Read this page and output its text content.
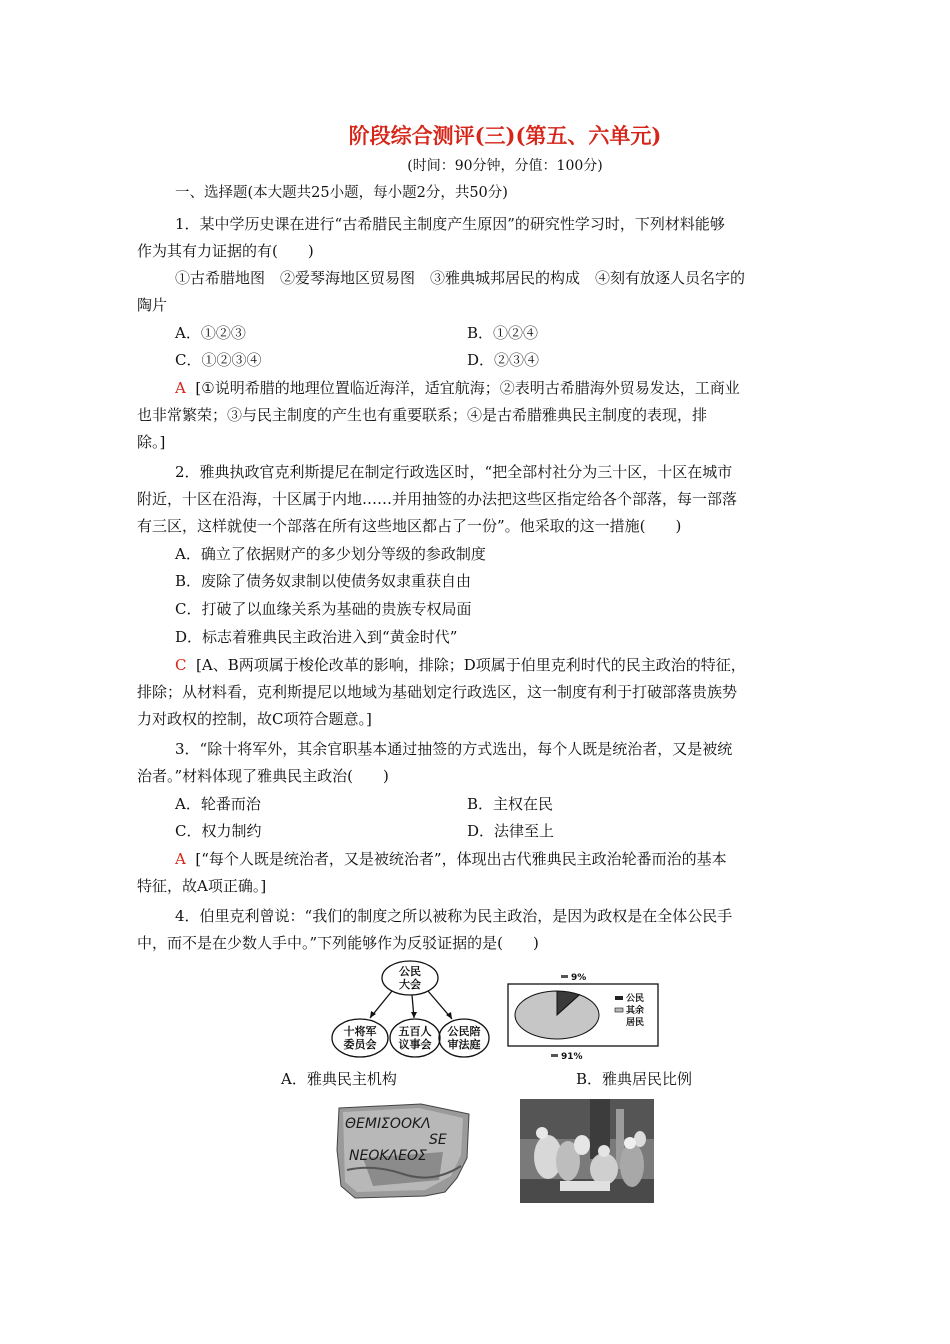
阶段综合测评(三)(第五、六单元)
(时间：90分钟，分值：100分)
一、选择题(本大题共25小题，每小题2分，共50分)
1．某中学历史课在进行“古希腊民主制度产生原因”的研究性学习时，下列材料能够
作为其有力证据的有(　　)
①古希腊地图　②爱琴海地区贸易图　③雅典城邦居民的构成　④刻有放逐人员名字的
陶片
A．①②③	B．①②④
C．①②③④	D．②③④
A [①说明希腊的地理位置临近海洋，适宜航海；②表明古希腊海外贸易发达，工商业
也非常繁荣；③与民主制度的产生也有重要联系；④是古希腊雅典民主制度的表现，排
除。]
2．雅典执政官克利斯提尼在制定行政选区时，“把全部村社分为三十区，十区在城市
附近，十区在沿海，十区属于内地……并用抽签的办法把这些区指定给各个部落，每一部落
有三区，这样就使一个部落在所有这些地区都占了一份”。他采取的这一措施(　　)
A．确立了依据财产的多少划分等级的参政制度
B．废除了债务奴隶制以使债务奴隶重获自由
C．打破了以血缘关系为基础的贵族专权局面
D．标志着雅典民主政治进入到“黄金时代”
C [A、B两项属于梭伦改革的影响，排除；D项属于伯里克利时代的民主政治的特征，
排除；从材料看，克利斯提尼以地域为基础划定行政选区，这一制度有利于打破部落贵族势
力对政权的控制，故C项符合题意。]
3．“除十将军外，其余官职基本通过抽签的方式选出，每个人既是统治者，又是被统
治者。”材料体现了雅典民主政治(　　)
A．轮番而治	B．主权在民
C．权力制约	D．法律至上
A [“每个人既是统治者，又是被统治者”，体现出古代雅典民主政治轮番而治的基本
特征，故A项正确。]
4．伯里克利曾说：“我们的制度之所以被称为民主政治，是因为政权是在全体公民手
中，而不是在少数人手中。”下列能够作为反驳证据的是(　　)
公民
大会
十将军
委员会
五百人
议事会
公民陪
审法庭
9%
91%
公民
其余
居民
A．雅典民主机构	B．雅典居民比例
ΘEMIΣOOKΛ
SE
NEOKΛEOΣ
